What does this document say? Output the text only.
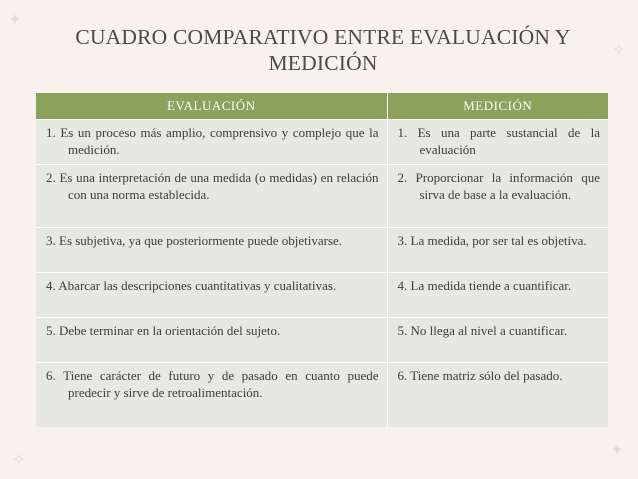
✦
✧
✦
✧
CUADRO COMPARATIVO ENTRE EVALUACIÓN Y MEDICIÓN
EVALUACIÓN	MEDICIÓN

1. Es un proceso más amplio, comprensivo y complejo que la medición.	1. Es una parte sustancial de la evaluación

2. Es una interpretación de una medida (o medidas) en relación con una norma establecida.	2. Proporcionar la información que sirva de base a la evaluación.

3. Es subjetiva, ya que posteriormente puede objetivarse.	3. La medida, por ser tal es objetiva.

4. Abarcar las descripciones cuantitativas y cualitativas.	4. La medida tiende a cuantificar.

5. Debe terminar en la orientación del sujeto.	5. No llega al nivel a cuantificar.

6. Tiene carácter de futuro y de pasado en cuanto puede predecir y sirve de retroalimentación.	6. Tiene matriz sólo del pasado.
